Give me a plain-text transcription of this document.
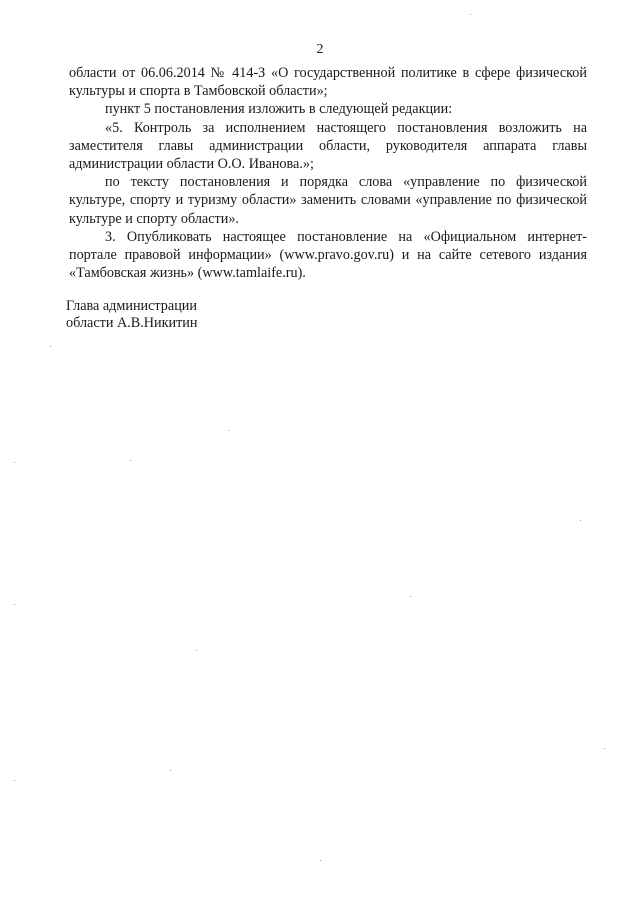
2

области от 06.06.2014 № 414-З «О государственной политике в сфере физической культуры и спорта в Тамбовской области»;

пункт 5 постановления изложить в следующей редакции:

«5. Контроль за исполнением настоящего постановления возложить на заместителя главы администрации области, руководителя аппарата главы администрации области О.О. Иванова.»;

по тексту постановления и порядка слова «управление по физической культуре, спорту и туризму области» заменить словами «управление по физической культуре и спорту области».

3. Опубликовать настоящее постановление на «Официальном интернет-портале правовой информации» (www.pravo.gov.ru) и на сайте сетевого издания «Тамбовская жизнь» (www.tamlaife.ru).

Глава администрации
области А.В.Никитин
